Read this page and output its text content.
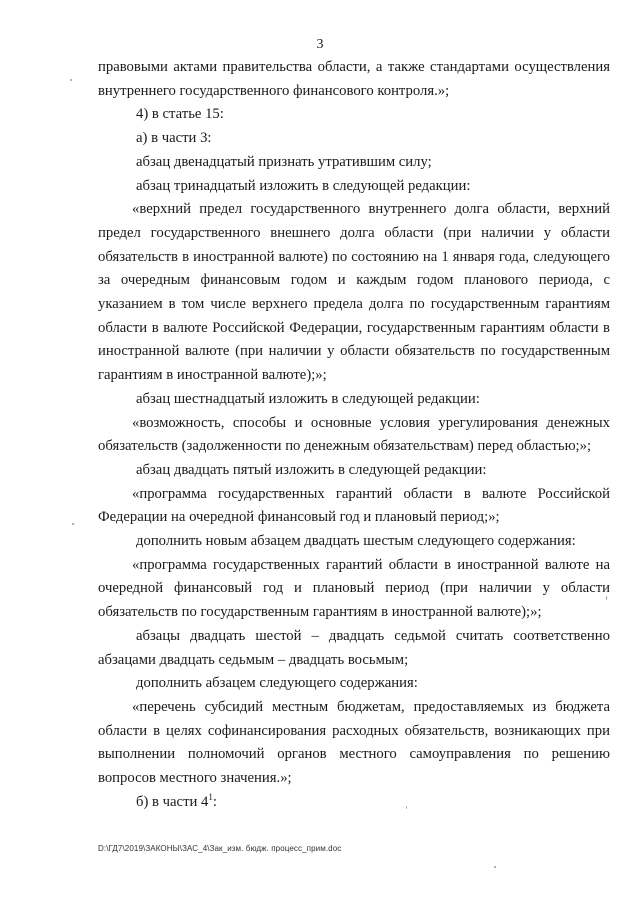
3

правовыми актами правительства области, а также стандартами осуществления внутреннего государственного финансового контроля.»;

4) в статье 15:

а) в части 3:

абзац двенадцатый признать утратившим силу;

абзац тринадцатый изложить в следующей редакции:

«верхний предел государственного внутреннего долга области, верхний предел государственного внешнего долга области (при наличии у области обязательств в иностранной валюте) по состоянию на 1 января года, следующего за очередным финансовым годом и каждым годом планового периода, с указанием в том числе верхнего предела долга по государственным гарантиям области в валюте Российской Федерации, государственным гарантиям области в иностранной валюте (при наличии у области обязательств по государственным гарантиям в иностранной валюте);»;

абзац шестнадцатый изложить в следующей редакции:

«возможность, способы и основные условия урегулирования денежных обязательств (задолженности по денежным обязательствам) перед областью;»;

абзац двадцать пятый изложить в следующей редакции:

«программа государственных гарантий области в валюте Российской Федерации на очередной финансовый год и плановый период;»;

дополнить новым абзацем двадцать шестым следующего содержания:

«программа государственных гарантий области в иностранной валюте на очередной финансовый год и плановый период (при наличии у области обязательств по государственным гарантиям в иностранной валюте);»;

абзацы двадцать шестой – двадцать седьмой считать соответственно абзацами двадцать седьмым – двадцать восьмым;

дополнить абзацем следующего содержания:

«перечень субсидий местным бюджетам, предоставляемых из бюджета области в целях софинансирования расходных обязательств, возникающих при выполнении полномочий органов местного самоуправления по решению вопросов местного значения.»;

б) в части $4^1$:

D:\ГД7\2019\ЗАКОНЫ\ЗАС_4\Зак_изм. бюдж. процесс_прим.doc
